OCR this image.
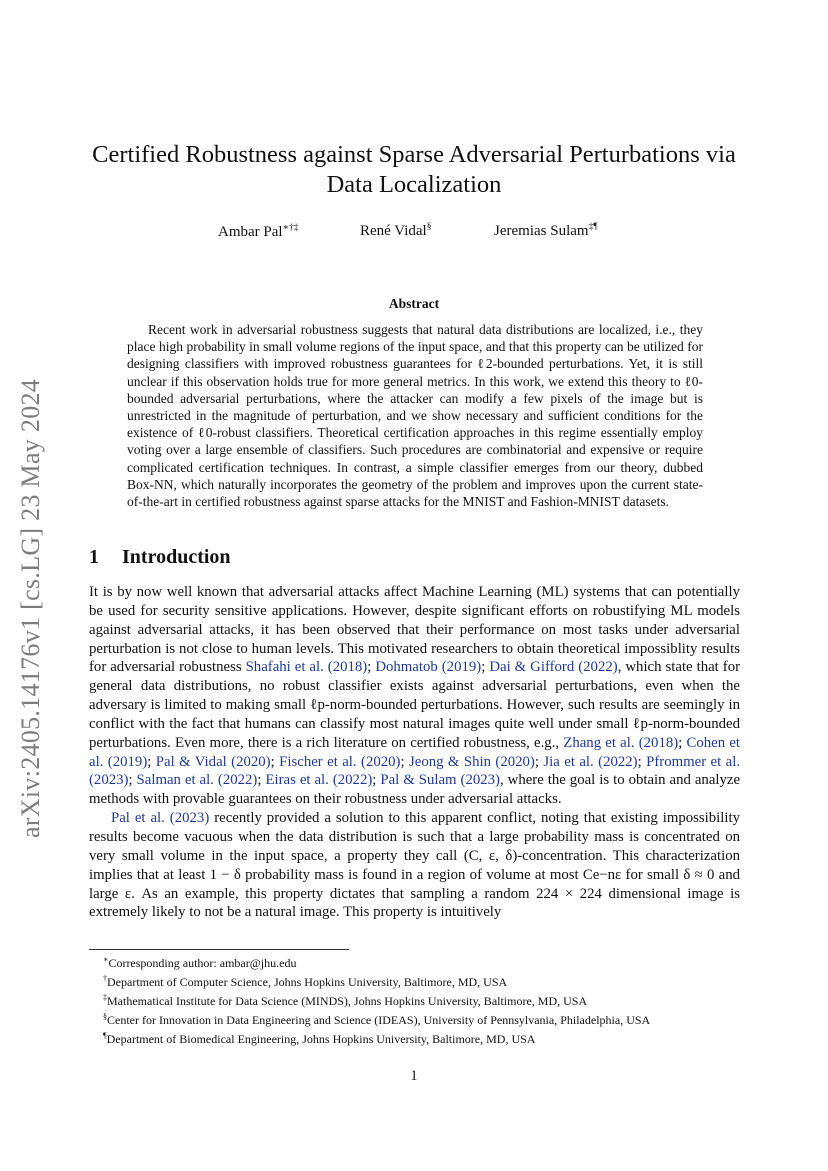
arXiv:2405.14176v1 [cs.LG] 23 May 2024
Certified Robustness against Sparse Adversarial Perturbations via
Data Localization
Ambar Pal∗†‡	René Vidal§	Jeremias Sulam‡¶
Abstract

Recent work in adversarial robustness suggests that natural data distributions are localized, i.e., they place high probability in small volume regions of the input space, and that this property can be utilized for designing classifiers with improved robustness guarantees for ℓ2-bounded perturbations. Yet, it is still unclear if this observation holds true for more general metrics. In this work, we extend this theory to ℓ0-bounded adversarial perturbations, where the attacker can modify a few pixels of the image but is unrestricted in the magnitude of perturbation, and we show necessary and sufficient conditions for the existence of ℓ0-robust classifiers. Theoretical certification approaches in this regime essentially employ voting over a large ensemble of classifiers. Such procedures are combinatorial and expensive or require complicated certification techniques. In contrast, a simple classifier emerges from our theory, dubbed Box-NN, which naturally incorporates the geometry of the problem and improves upon the current state-of-the-art in certified robustness against sparse attacks for the MNIST and Fashion-MNIST datasets.

1 Introduction

It is by now well known that adversarial attacks affect Machine Learning (ML) systems that can potentially be used for security sensitive applications. However, despite significant efforts on robustifying ML models against adversarial attacks, it has been observed that their performance on most tasks under adversarial perturbation is not close to human levels. This motivated researchers to obtain theoretical impossiblity results for adversarial robustness Shafahi et al. (2018); Dohmatob (2019); Dai & Gifford (2022), which state that for general data distributions, no robust classifier exists against adversarial perturbations, even when the adversary is limited to making small ℓp-norm-bounded perturbations. However, such results are seemingly in conflict with the fact that humans can classify most natural images quite well under small ℓp-norm-bounded perturbations. Even more, there is a rich literature on certified robustness, e.g., Zhang et al. (2018); Cohen et al. (2019); Pal & Vidal (2020); Fischer et al. (2020); Jeong & Shin (2020); Jia et al. (2022); Pfrommer et al. (2023); Salman et al. (2022); Eiras et al. (2022); Pal & Sulam (2023), where the goal is to obtain and analyze methods with provable guarantees on their robustness under adversarial attacks.

Pal et al. (2023) recently provided a solution to this apparent conflict, noting that existing impossibility results become vacuous when the data distribution is such that a large probability mass is concentrated on very small volume in the input space, a property they call (C, ε, δ)-concentration. This characterization implies that at least 1 − δ probability mass is found in a region of volume at most Ce−nε for small δ ≈ 0 and large ε. As an example, this property dictates that sampling a random 224 × 224 dimensional image is extremely likely to not be a natural image. This property is intuitively

∗Corresponding author: ambar@jhu.edu
†Department of Computer Science, Johns Hopkins University, Baltimore, MD, USA
‡Mathematical Institute for Data Science (MINDS), Johns Hopkins University, Baltimore, MD, USA
§Center for Innovation in Data Engineering and Science (IDEAS), University of Pennsylvania, Philadelphia, USA
¶Department of Biomedical Engineering, Johns Hopkins University, Baltimore, MD, USA
1
